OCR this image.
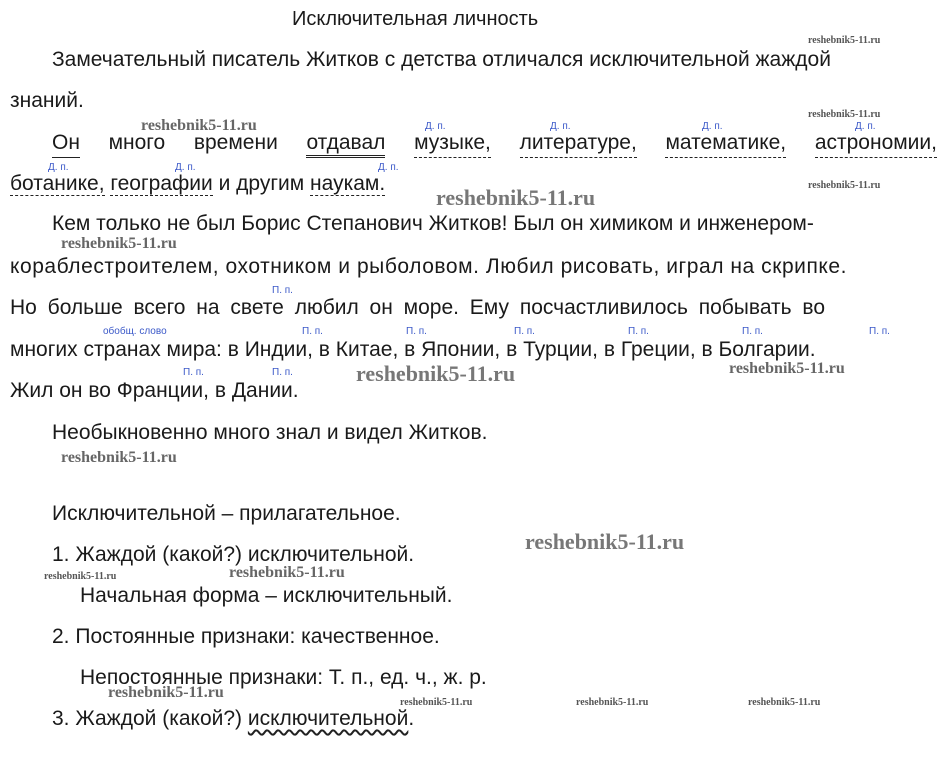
Исключительная личность
Замечательный писатель Житков с детства отличался исключительной жаждой
знаний.
Он много времени отдавал музыке, литературе, математике, астрономии,
ботанике, географии и другим наукам.
Д. п.	Д. п.	Д. п.	Д. п.
Д. п.	Д. п.	Д. п.
Кем только не был Борис Степанович Житков! Был он химиком и инженером-
кораблестроителем, охотником и рыболовом. Любил рисовать, играл на скрипке.
Но больше всего на свете любил он море. Ему посчастливилось побывать во
многих странах мира: в Индии, в Китае, в Японии, в Турции, в Греции, в Болгарии.
Жил он во Франции, в Дании.
П. п.
обобщ. слово	П. п.	П. п.	П. п.	П. п.	П. п.	П. п.
П. п.	П. п.
Необыкновенно много знал и видел Житков.
Исключительной – прилагательное.
1. Жаждой (какой?) исключительной.
Начальная форма – исключительный.
2. Постоянные признаки: качественное.
Непостоянные признаки: Т. п., ед. ч., ж. р.
3. Жаждой (какой?) исключительной.
reshebnik5-11.ru
reshebnik5-11.ru
reshebnik5-11.ru
reshebnik5-11.ru	reshebnik5-11.ru
reshebnik5-11.ru
reshebnik5-11.ru	reshebnik5-11.ru
reshebnik5-11.ru
reshebnik5-11.ru
reshebnik5-11.ru	reshebnik5-11.ru
reshebnik5-11.ru
reshebnik5-11.ru	reshebnik5-11.ru	reshebnik5-11.ru
